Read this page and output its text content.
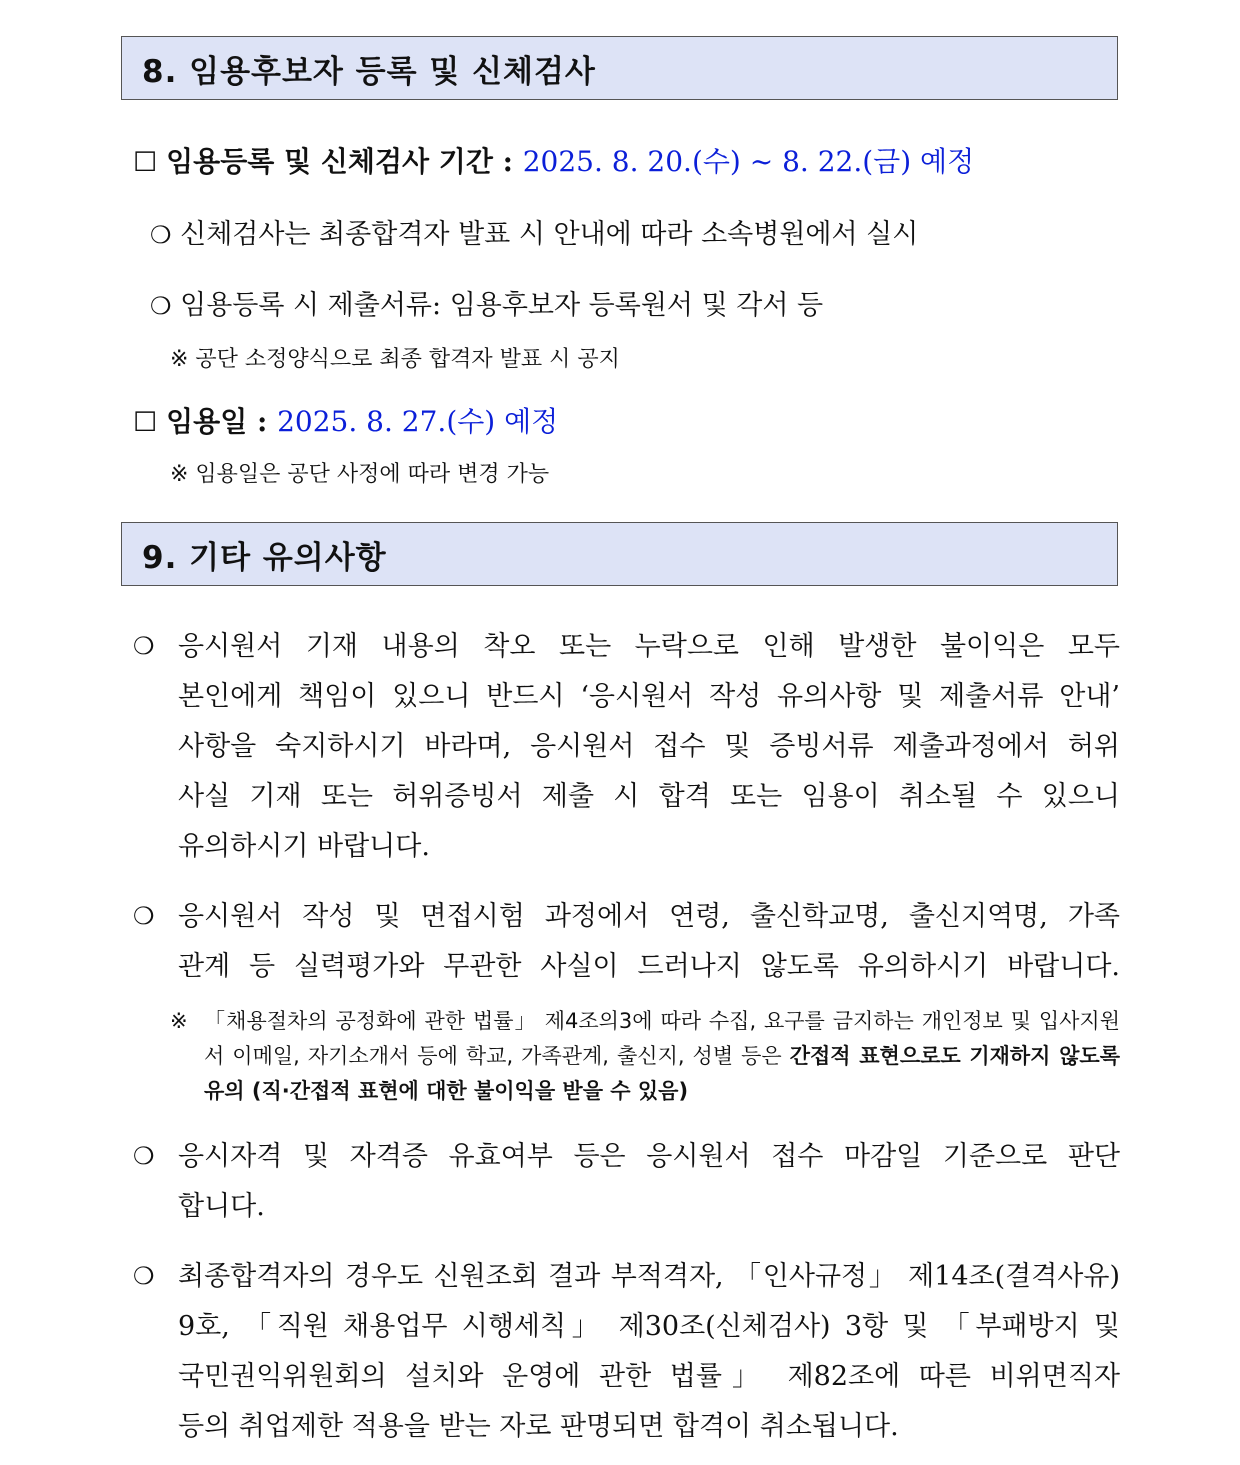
8. 임용후보자 등록 및 신체검사
☐ 임용등록 및 신체검사 기간 : 2025. 8. 20.(수) ~ 8. 22.(금) 예정
❍ 신체검사는 최종합격자 발표 시 안내에 따라 소속병원에서 실시
❍ 임용등록 시 제출서류: 임용후보자 등록원서 및 각서 등
※ 공단 소정양식으로 최종 합격자 발표 시 공지
☐ 임용일 : 2025. 8. 27.(수) 예정
※ 임용일은 공단 사정에 따라 변경 가능
9. 기타 유의사항
❍ 응시원서 기재 내용의 착오 또는 누락으로 인해 발생한 불이익은 모두
본인에게 책임이 있으니 반드시 ‘응시원서 작성 유의사항 및 제출서류 안내’
사항을 숙지하시기 바라며, 응시원서 접수 및 증빙서류 제출과정에서 허위
사실 기재 또는 허위증빙서 제출 시 합격 또는 임용이 취소될 수 있으니
유의하시기 바랍니다.
❍ 응시원서 작성 및 면접시험 과정에서 연령, 출신학교명, 출신지역명, 가족
관계 등 실력평가와 무관한 사실이 드러나지 않도록 유의하시기 바랍니다.
※ 「채용절차의 공정화에 관한 법률」 제4조의3에 따라 수집, 요구를 금지하는 개인정보 및 입사지원서 이메일, 자기소개서 등에 학교, 가족관계, 출신지, 성별 등은 간접적 표현으로도 기재하지 않도록 유의 (직·간접적 표현에 대한 불이익을 받을 수 있음)
❍ 응시자격 및 자격증 유효여부 등은 응시원서 접수 마감일 기준으로 판단
합니다.
❍ 최종합격자의 경우도 신원조회 결과 부적격자, 「인사규정」 제14조(결격사유)
9호, 「직원 채용업무 시행세칙」 제30조(신체검사) 3항 및 「부패방지 및
국민권익위원회의 설치와 운영에 관한 법률」 제82조에 따른 비위면직자
등의 취업제한 적용을 받는 자로 판명되면 합격이 취소됩니다.
